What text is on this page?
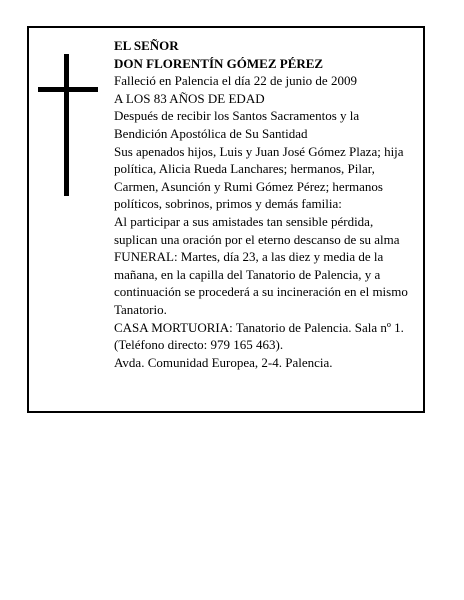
EL SEÑOR

DON FLORENTÍN GÓMEZ PÉREZ

Falleció en Palencia el día 22 de junio de 2009

A LOS 83 AÑOS DE EDAD

Después de recibir los Santos Sacramentos y la Bendición Apostólica de Su Santidad

Sus apenados hijos, Luis y Juan José Gómez Plaza; hija política, Alicia Rueda Lanchares; hermanos, Pilar, Carmen, Asunción y Rumi Gómez Pérez; hermanos políticos, sobrinos, primos y demás familia:

Al participar a sus amistades tan sensible pérdida, suplican una oración por el eterno descanso de su alma

FUNERAL: Martes, día 23, a las diez y media de la mañana, en la capilla del Tanatorio de Palencia, y a continuación se procederá a su incineración en el mismo Tanatorio.

CASA MORTUORIA: Tanatorio de Palencia. Sala nº 1. (Teléfono directo: 979 165 463).

Avda. Comunidad Europea, 2-4. Palencia.
